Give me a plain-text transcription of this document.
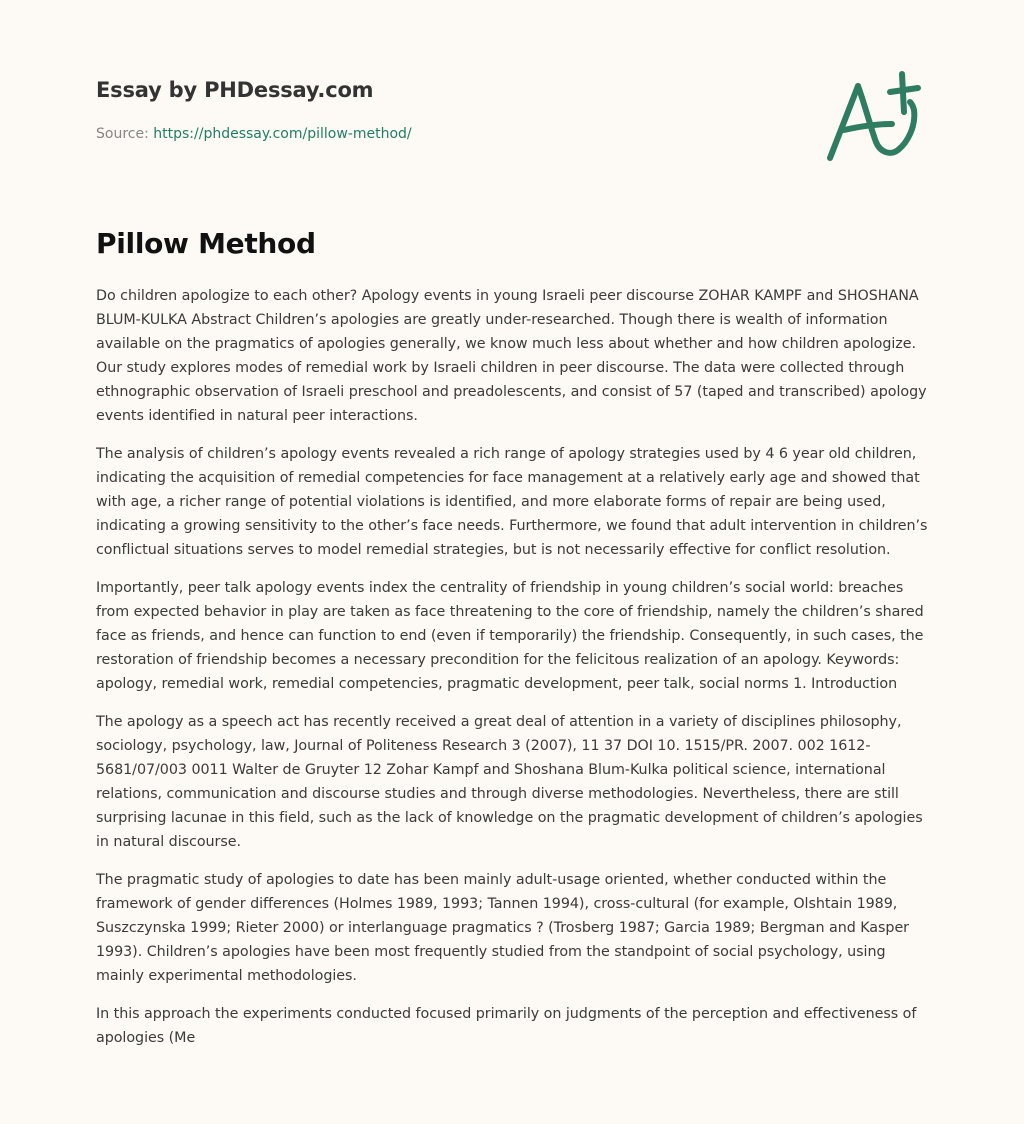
Essay by PHDessay.com
Source: https://phdessay.com/pillow-method/
Pillow Method

Do children apologize to each other? Apology events in young Israeli peer discourse ZOHAR KAMPF and SHOSHANA BLUM-KULKA Abstract Children’s apologies are greatly under-researched. Though there is wealth of information available on the pragmatics of apologies generally, we know much less about whether and how children apologize. Our study explores modes of remedial work by Israeli children in peer discourse. The data were collected through ethnographic observation of Israeli preschool and preadolescents, and consist of 57 (taped and transcribed) apology events identified in natural peer interactions.

The analysis of children’s apology events revealed a rich range of apology strategies used by 4 6 year old children, indicating the acquisition of remedial competencies for face management at a relatively early age and showed that with age, a richer range of potential violations is identified, and more elaborate forms of repair are being used, indicating a growing sensitivity to the other’s face needs. Furthermore, we found that adult intervention in children’s conflictual situations serves to model remedial strategies, but is not necessarily effective for conflict resolution.

Importantly, peer talk apology events index the centrality of friendship in young children’s social world: breaches from expected behavior in play are taken as face threatening to the core of friendship, namely the children’s shared face as friends, and hence can function to end (even if temporarily) the friendship. Consequently, in such cases, the restoration of friendship becomes a necessary precondition for the felicitous realization of an apology. Keywords: apology, remedial work, remedial competencies, pragmatic development, peer talk, social norms 1. Introduction

The apology as a speech act has recently received a great deal of attention in a variety of disciplines philosophy, sociology, psychology, law, Journal of Politeness Research 3 (2007), 11 37 DOI 10. 1515/PR. 2007. 002 1612-5681/07/003 0011 Walter de Gruyter 12 Zohar Kampf and Shoshana Blum-Kulka political science, international relations, communication and discourse studies and through diverse methodologies. Nevertheless, there are still surprising lacunae in this field, such as the lack of knowledge on the pragmatic development of children’s apologies in natural discourse.

The pragmatic study of apologies to date has been mainly adult-usage oriented, whether conducted within the framework of gender differences (Holmes 1989, 1993; Tannen 1994), cross-cultural (for example, Olshtain 1989, Suszczynska 1999; Rieter 2000) or interlanguage pragmatics ? (Trosberg 1987; Garcia 1989; Bergman and Kasper 1993). Children’s apologies have been most frequently studied from the standpoint of social psychology, using mainly experimental methodologies.

In this approach the experiments conducted focused primarily on judgments of the perception and effectiveness of apologies (Me
